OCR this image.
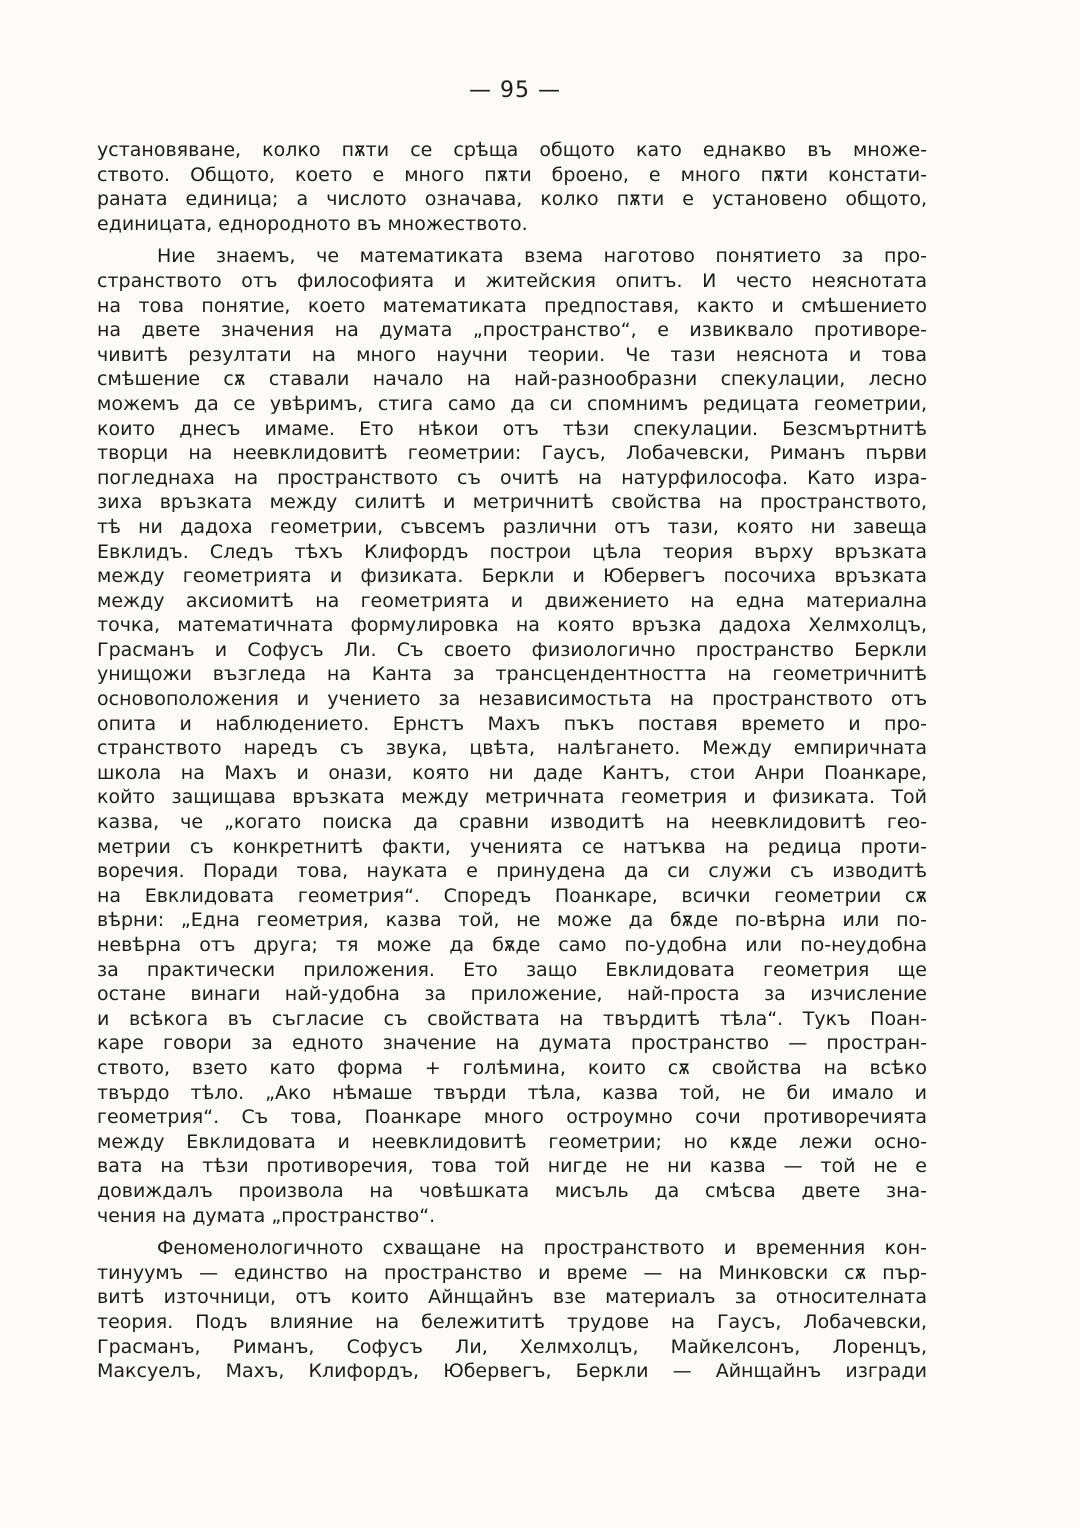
— 95 —
установяване, колко пѫти се срѣща общото като еднакво въ множе-
ството. Общото, което е много пѫти броено, е много пѫти констати-
раната единица; а числото означава, колко пѫти е установено общото,
единицата, еднородното въ множеството.
Ние знаемъ, че математиката взема наготово понятието за про-
странството отъ философията и житейския опитъ. И често неяснотата
на това понятие, което математиката предпоставя, както и смѣшението
на двете значения на думата „пространство“, е извиквало противоре-
чивитѣ резултати на много научни теории. Че тази неяснота и това
смѣшение сѫ ставали начало на най-разнообразни спекулации, лесно
можемъ да се увѣримъ, стига само да си спомнимъ редицата геометрии,
които днесъ имаме. Ето нѣкои отъ тѣзи спекулации. Безсмъртнитѣ
творци на неевклидовитѣ геометрии: Гаусъ, Лобачевски, Риманъ първи
погледнаха на пространството съ очитѣ на натурфилософа. Като изра-
зиха връзката между силитѣ и метричнитѣ свойства на пространството,
тѣ ни дадоха геометрии, съвсемъ различни отъ тази, която ни завеща
Евклидъ. Следъ тѣхъ Клифордъ построи цѣла теория върху връзката
между геометрията и физиката. Беркли и Юбервегъ посочиха връзката
между аксиомитѣ на геометрията и движението на една материална
точка, математичната формулировка на която връзка дадоха Хелмхолцъ,
Грасманъ и Софусъ Ли. Съ своето физиологично пространство Беркли
унищожи възгледа на Канта за трансцендентността на геометричнитѣ
основоположения и учението за независимостьта на пространството отъ
опита и наблюдението. Ернстъ Махъ пъкъ поставя времето и про-
странството наредъ съ звука, цвѣта, налѣгането. Между емпиричната
школа на Махъ и онази, която ни даде Кантъ, стои Анри Поанкаре,
който защищава връзката между метричната геометрия и физиката. Той
казва, че „когато поиска да сравни изводитѣ на неевклидовитѣ гео-
метрии съ конкретнитѣ факти, ученията се натъква на редица проти-
воречия. Поради това, науката е принудена да си служи съ изводитѣ
на Евклидовата геометрия“. Споредъ Поанкаре, всички геометрии сѫ
вѣрни: „Една геометрия, казва той, не може да бѫде по-вѣрна или по-
невѣрна отъ друга; тя може да бѫде само по-удобна или по-неудобна
за практически приложения. Ето защо Евклидовата геометрия ще
остане винаги най-удобна за приложение, най-проста за изчисление
и всѣкога въ съгласие съ свойствата на твърдитѣ тѣла“. Тукъ Поан-
каре говори за едното значение на думата пространство — простран-
ството, взето като форма + голѣмина, които сѫ свойства на всѣко
твърдо тѣло. „Ако нѣмаше твърди тѣла, казва той, не би имало и
геометрия“. Съ това, Поанкаре много остроумно сочи противоречията
между Евклидовата и неевклидовитѣ геометрии; но кѫде лежи осно-
вата на тѣзи противоречия, това той нигде не ни казва — той не е
довиждалъ произвола на човѣшката мисъль да смѣсва двете зна-
чения на думата „пространство“.
Феноменологичното схващане на пространството и временния кон-
тинуумъ — единство на пространство и време — на Минковски сѫ пър-
витѣ източници, отъ които Айнщайнъ взе материалъ за относителната
теория. Подъ влияние на бележититѣ трудове на Гаусъ, Лобачевски,
Грасманъ, Риманъ, Софусъ Ли, Хелмхолцъ, Майкелсонъ, Лоренцъ,
Максуелъ, Махъ, Клифордъ, Юбервегъ, Беркли — Айнщайнъ изгради
